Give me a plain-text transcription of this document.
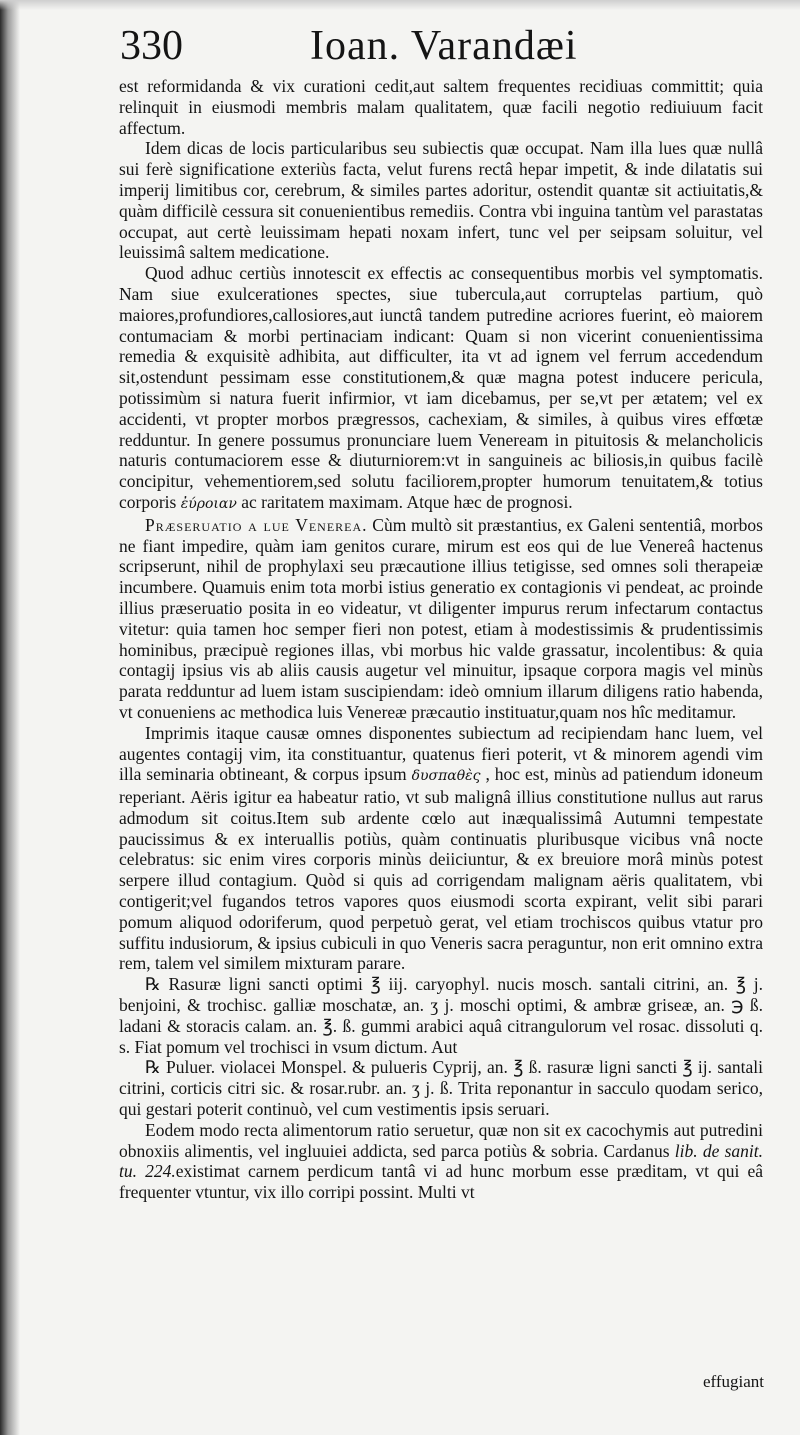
330	Ioan. Varandæi

est reformidanda & vix curationi cedit,aut saltem frequentes recidiuas committit; quia relinquit in eiusmodi membris malam qualitatem, quæ facili negotio rediuiuum facit affectum.

Idem dicas de locis particularibus seu subiectis quæ occupat. Nam illa lues quæ nullâ sui ferè significatione exteriùs facta, velut furens rectâ hepar impetit, & inde dilatatis sui imperij limitibus cor, cerebrum, & similes partes adoritur, ostendit quantæ sit actiuitatis,& quàm difficilè cessura sit conuenientibus remediis. Contra vbi inguina tantùm vel parastatas occupat, aut certè leuissimam hepati noxam infert, tunc vel per seipsam soluitur, vel leuissimâ saltem medicatione.

Quod adhuc certiùs innotescit ex effectis ac consequentibus morbis vel symptomatis. Nam siue exulcerationes spectes, siue tubercula,aut corruptelas partium, quò maiores,profundiores,callosiores,aut iunctâ tandem putredine acriores fuerint, eò maiorem contumaciam & morbi pertinaciam indicant: Quam si non vicerint conuenientissima remedia & exquisitè adhibita, aut difficulter, ita vt ad ignem vel ferrum accedendum sit,ostendunt pessimam esse constitutionem,& quæ magna potest inducere pericula, potissimùm si natura fuerit infirmior, vt iam dicebamus, per se,vt per ætatem; vel ex accidenti, vt propter morbos prægressos, cachexiam, & similes, à quibus vires effœtæ redduntur. In genere possumus pronunciare luem Veneream in pituitosis & melancholicis naturis contumaciorem esse & diuturniorem:vt in sanguineis ac biliosis,in quibus facilè concipitur, vehementiorem,sed solutu faciliorem,propter humorum tenuitatem,& totius corporis ἐύροιαν ac raritatem maximam. Atque hæc de prognosi.

Præseruatio a lue Venerea. Cùm multò sit præstantius, ex Galeni sententiâ, morbos ne fiant impedire, quàm iam genitos curare, mirum est eos qui de lue Venereâ hactenus scripserunt, nihil de prophylaxi seu præcautione illius tetigisse, sed omnes soli therapeiæ incumbere. Quamuis enim tota morbi istius generatio ex contagionis vi pendeat, ac proinde illius præseruatio posita in eo videatur, vt diligenter impurus rerum infectarum contactus vitetur: quia tamen hoc semper fieri non potest, etiam à modestissimis & prudentissimis hominibus, præcipuè regiones illas, vbi morbus hic valde grassatur, incolentibus: & quia contagij ipsius vis ab aliis causis augetur vel minuitur, ipsaque corpora magis vel minùs parata redduntur ad luem istam suscipiendam: ideò omnium illarum diligens ratio habenda, vt conueniens ac methodica luis Venereæ præcautio instituatur,quam nos hîc meditamur.

Imprimis itaque causæ omnes disponentes subiectum ad recipiendam hanc luem, vel augentes contagij vim, ita constituantur, quatenus fieri poterit, vt & minorem agendi vim illa seminaria obtineant, & corpus ipsum δυσπαθὲς , hoc est, minùs ad patiendum idoneum reperiant. Aëris igitur ea habeatur ratio, vt sub malignâ illius constitutione nullus aut rarus admodum sit coitus.Item sub ardente cœlo aut inæqualissimâ Autumni tempestate paucissimus & ex interuallis potiùs, quàm continuatis pluribusque vicibus vnâ nocte celebratus: sic enim vires corporis minùs deiiciuntur, & ex breuiore morâ minùs potest serpere illud contagium. Quòd si quis ad corrigendam malignam aëris qualitatem, vbi contigerit;vel fugandos tetros vapores quos eiusmodi scorta expirant, velit sibi parari pomum aliquod odoriferum, quod perpetuò gerat, vel etiam trochiscos quibus vtatur pro suffitu indusiorum, & ipsius cubiculi in quo Veneris sacra peraguntur, non erit omnino extra rem, talem vel similem mixturam parare.

℞ Rasuræ ligni sancti optimi ℥ iij. caryophyl. nucis mosch. santali citrini, an. ℥ j. benjoini, & trochisc. galliæ moschatæ, an. ʒ j. moschi optimi, & ambræ griseæ, an. ℈ ß. ladani & storacis calam. an. ℥. ß. gummi arabici aquâ citrangulorum vel rosac. dissoluti q. s. Fiat pomum vel trochisci in vsum dictum. Aut

℞ Puluer. violacei Monspel. & pulueris Cyprij, an. ℥ ß. rasuræ ligni sancti ℥ ij. santali citrini, corticis citri sic. & rosar.rubr. an. ʒ j. ß. Trita reponantur in sacculo quodam serico, qui gestari poterit continuò, vel cum vestimentis ipsis seruari.

Eodem modo recta alimentorum ratio seruetur, quæ non sit ex cacochymis aut putredini obnoxiis alimentis, vel ingluuiei addicta, sed parca potiùs & sobria. Cardanus lib. de sanit. tu. 224.existimat carnem perdicum tantâ vi ad hunc morbum esse præditam, vt qui eâ frequenter vtuntur, vix illo corripi possint. Multi vt

effugiant
